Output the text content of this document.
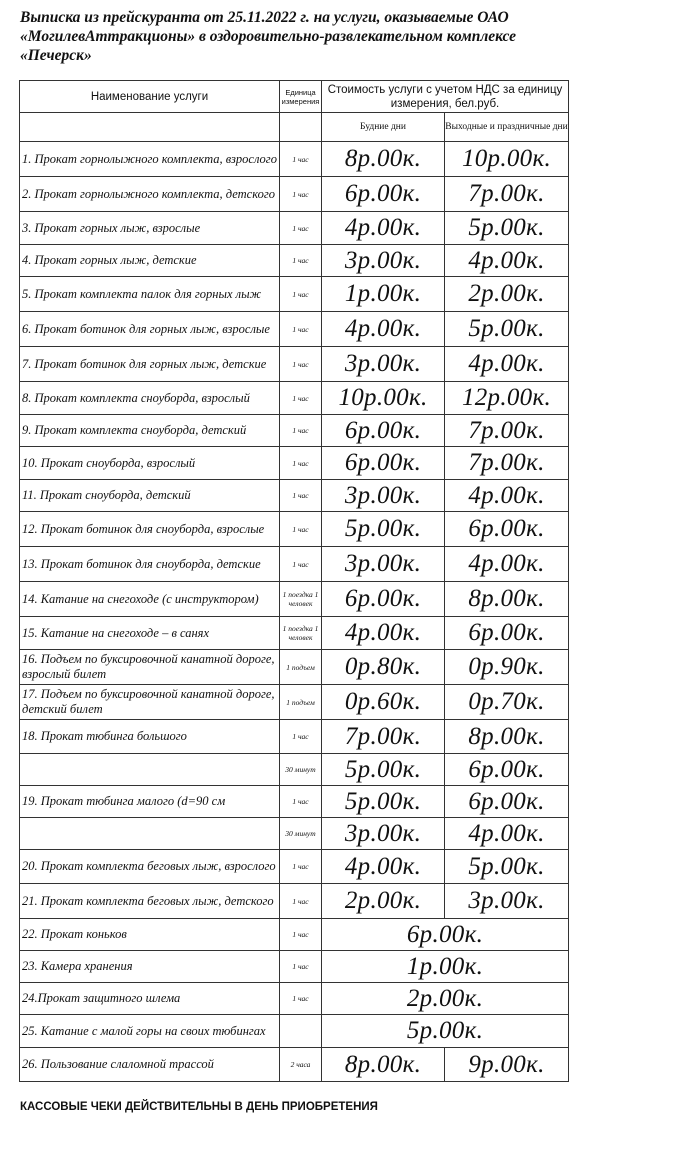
Выписка из прейскуранта от 25.11.2022 г. на услуги, оказываемые ОАО «МогилевАттракционы» в оздоровительно-развлекательном комплексе «Печерск»
Наименование услуги	Единица измерения	Стоимость услуги с учетом НДС за единицу измерения, бел.руб.	
		Будние дни	Выходные и праздничные дни
1. Прокат горнолыжного комплекта, взрослого	1 час	8р.00к.	10р.00к.
2. Прокат горнолыжного комплекта, детского	1 час	6р.00к.	7р.00к.
3. Прокат горных лыж, взрослые	1 час	4р.00к.	5р.00к.
4. Прокат горных лыж, детские	1 час	3р.00к.	4р.00к.
5. Прокат комплекта палок для горных лыж	1 час	1р.00к.	2р.00к.
6. Прокат ботинок для горных лыж, взрослые	1 час	4р.00к.	5р.00к.
7. Прокат ботинок для горных лыж, детские	1 час	3р.00к.	4р.00к.
8. Прокат комплекта сноуборда, взрослый	1 час	10р.00к.	12р.00к.
9. Прокат комплекта сноуборда, детский	1 час	6р.00к.	7р.00к.
10. Прокат сноуборда, взрослый	1 час	6р.00к.	7р.00к.
11. Прокат сноуборда, детский	1 час	3р.00к.	4р.00к.
12. Прокат ботинок для сноуборда, взрослые	1 час	5р.00к.	6р.00к.
13. Прокат ботинок для сноуборда, детские	1 час	3р.00к.	4р.00к.
14. Катание на снегоходе (с инструктором)	1 поездка 1 человек	6р.00к.	8р.00к.
15. Катание на снегоходе – в санях	1 поездка 1 человек	4р.00к.	6р.00к.
16. Подъем по буксировочной канатной дороге, взрослый билет	1 подъем	0р.80к.	0р.90к.
17. Подъем по буксировочной канатной дороге, детский билет	1 подъем	0р.60к.	0р.70к.
18. Прокат тюбинга большого	1 час	7р.00к.	8р.00к.
	30 минут	5р.00к.	6р.00к.
19. Прокат тюбинга малого (d=90 см	1 час	5р.00к.	6р.00к.
	30 минут	3р.00к.	4р.00к.
20. Прокат комплекта беговых лыж, взрослого	1 час	4р.00к.	5р.00к.
21. Прокат комплекта беговых лыж, детского	1 час	2р.00к.	3р.00к.
22. Прокат коньков	1 час	6р.00к.	
23. Камера хранения	1 час	1р.00к.	
24.Прокат защитного шлема	1 час	2р.00к.	
25. Катание с малой горы на своих тюбингах		5р.00к.	
26. Пользование слаломной трассой	2 часа	8р.00к.	9р.00к.
КАССОВЫЕ ЧЕКИ ДЕЙСТВИТЕЛЬНЫ В ДЕНЬ ПРИОБРЕТЕНИЯ
